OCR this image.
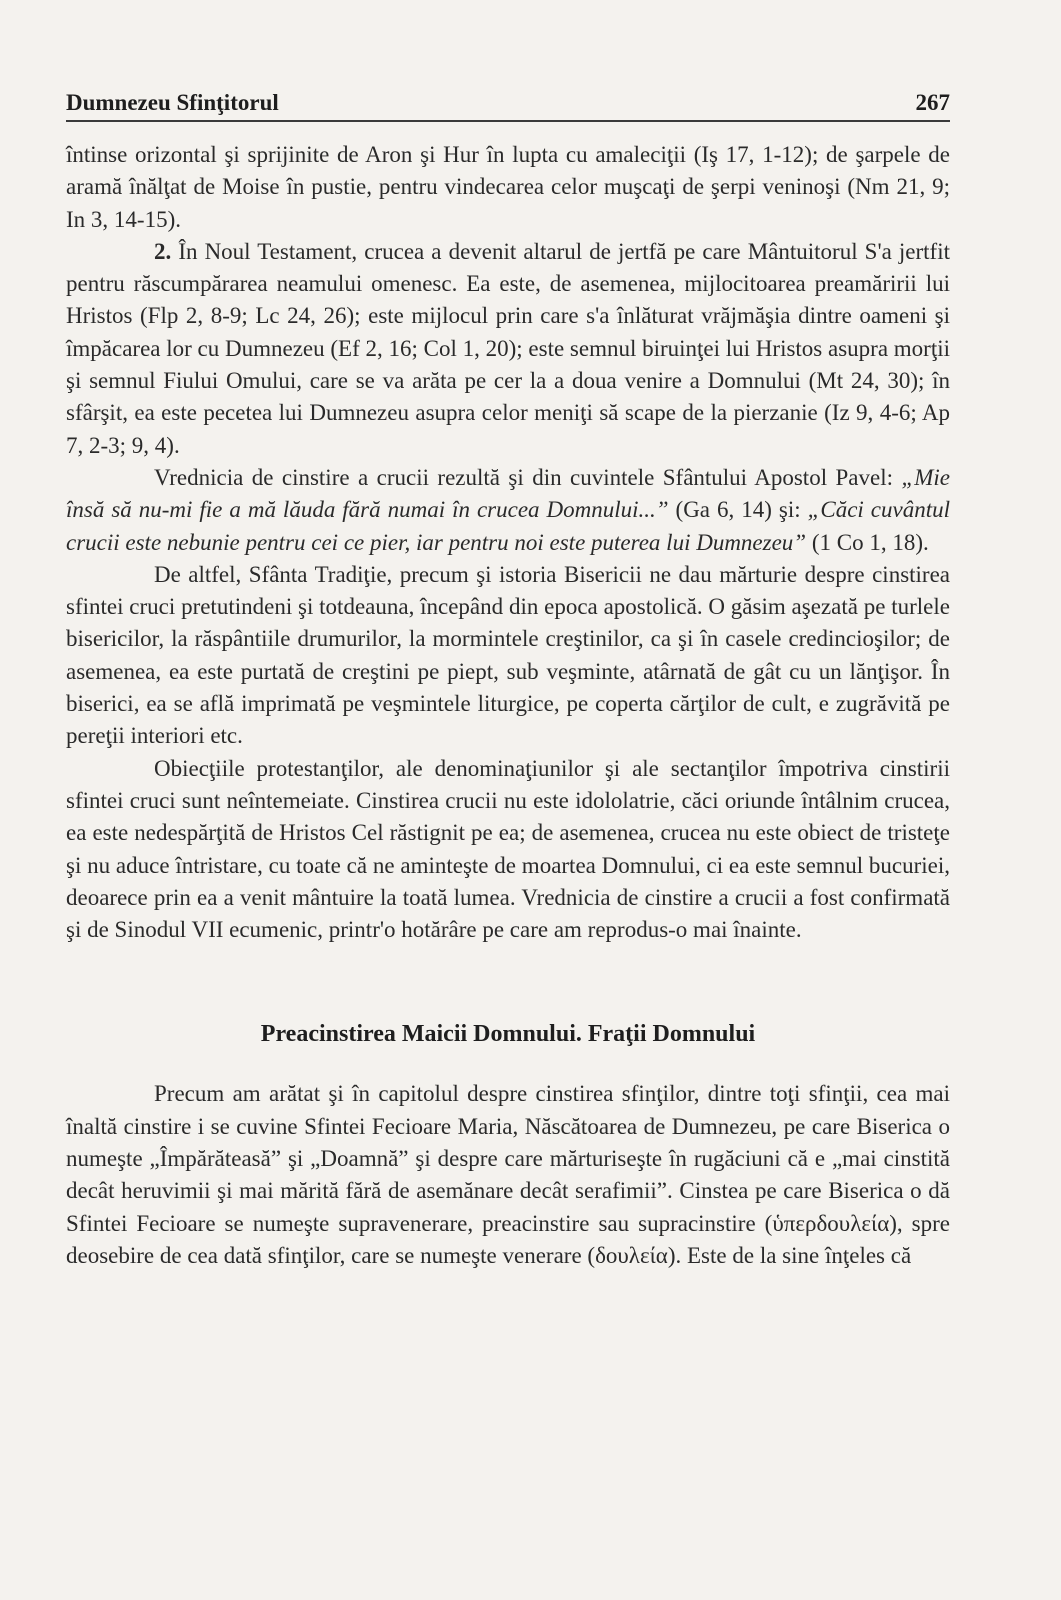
Dumnezeu Sfinţitorul	267

întinse orizontal şi sprijinite de Aron şi Hur în lupta cu amaleciţii (Iş 17, 1-12); de şarpele de aramă înălţat de Moise în pustie, pentru vindecarea celor muşcaţi de şerpi veninoşi (Nm 21, 9; In 3, 14-15).

2. În Noul Testament, crucea a devenit altarul de jertfă pe care Mântuitorul S'a jertfit pentru răscumpărarea neamului omenesc. Ea este, de asemenea, mijlocitoarea preamăririi lui Hristos (Flp 2, 8-9; Lc 24, 26); este mijlocul prin care s'a înlăturat vrăjmăşia dintre oameni şi împăcarea lor cu Dumnezeu (Ef 2, 16; Col 1, 20); este semnul biruinţei lui Hristos asupra morţii şi semnul Fiului Omului, care se va arăta pe cer la a doua venire a Domnului (Mt 24, 30); în sfârşit, ea este pecetea lui Dumnezeu asupra celor meniţi să scape de la pierzanie (Iz 9, 4-6; Ap 7, 2-3; 9, 4).

Vrednicia de cinstire a crucii rezultă şi din cuvintele Sfântului Apostol Pavel: „Mie însă să nu-mi fie a mă lăuda fără numai în crucea Domnului...” (Ga 6, 14) şi: „Căci cuvântul crucii este nebunie pentru cei ce pier, iar pentru noi este puterea lui Dumnezeu” (1 Co 1, 18).

De altfel, Sfânta Tradiţie, precum şi istoria Bisericii ne dau mărturie despre cinstirea sfintei cruci pretutindeni şi totdeauna, începând din epoca apostolică. O găsim aşezată pe turlele bisericilor, la răspântiile drumurilor, la mormintele creştinilor, ca şi în casele credincioşilor; de asemenea, ea este purtată de creştini pe piept, sub veşminte, atârnată de gât cu un lănţişor. În biserici, ea se află imprimată pe veşmintele liturgice, pe coperta cărţilor de cult, e zugrăvită pe pereţii interiori etc.

Obiecţiile protestanţilor, ale denominaţiunilor şi ale sectanţilor împotriva cinstirii sfintei cruci sunt neîntemeiate. Cinstirea crucii nu este idololatrie, căci oriunde întâlnim crucea, ea este nedespărţită de Hristos Cel răstignit pe ea; de asemenea, crucea nu este obiect de tristeţe şi nu aduce întristare, cu toate că ne aminteşte de moartea Domnului, ci ea este semnul bucuriei, deoarece prin ea a venit mântuire la toată lumea. Vrednicia de cinstire a crucii a fost confirmată şi de Sinodul VII ecumenic, printr'o hotărâre pe care am reprodus-o mai înainte.

Preacinstirea Maicii Domnului. Fraţii Domnului

Precum am arătat şi în capitolul despre cinstirea sfinţilor, dintre toţi sfinţii, cea mai înaltă cinstire i se cuvine Sfintei Fecioare Maria, Născătoarea de Dumnezeu, pe care Biserica o numeşte „Împărăteasă” şi „Doamnă” şi despre care mărturiseşte în rugăciuni că e „mai cinstită decât heruvimii şi mai mărită fără de asemănare decât serafimii”. Cinstea pe care Biserica o dă Sfintei Fecioare se numeşte supravenerare, preacinstire sau supracinstire (ὑπερδουλεία), spre deosebire de cea dată sfinţilor, care se numeşte venerare (δουλεία). Este de la sine înţeles că
